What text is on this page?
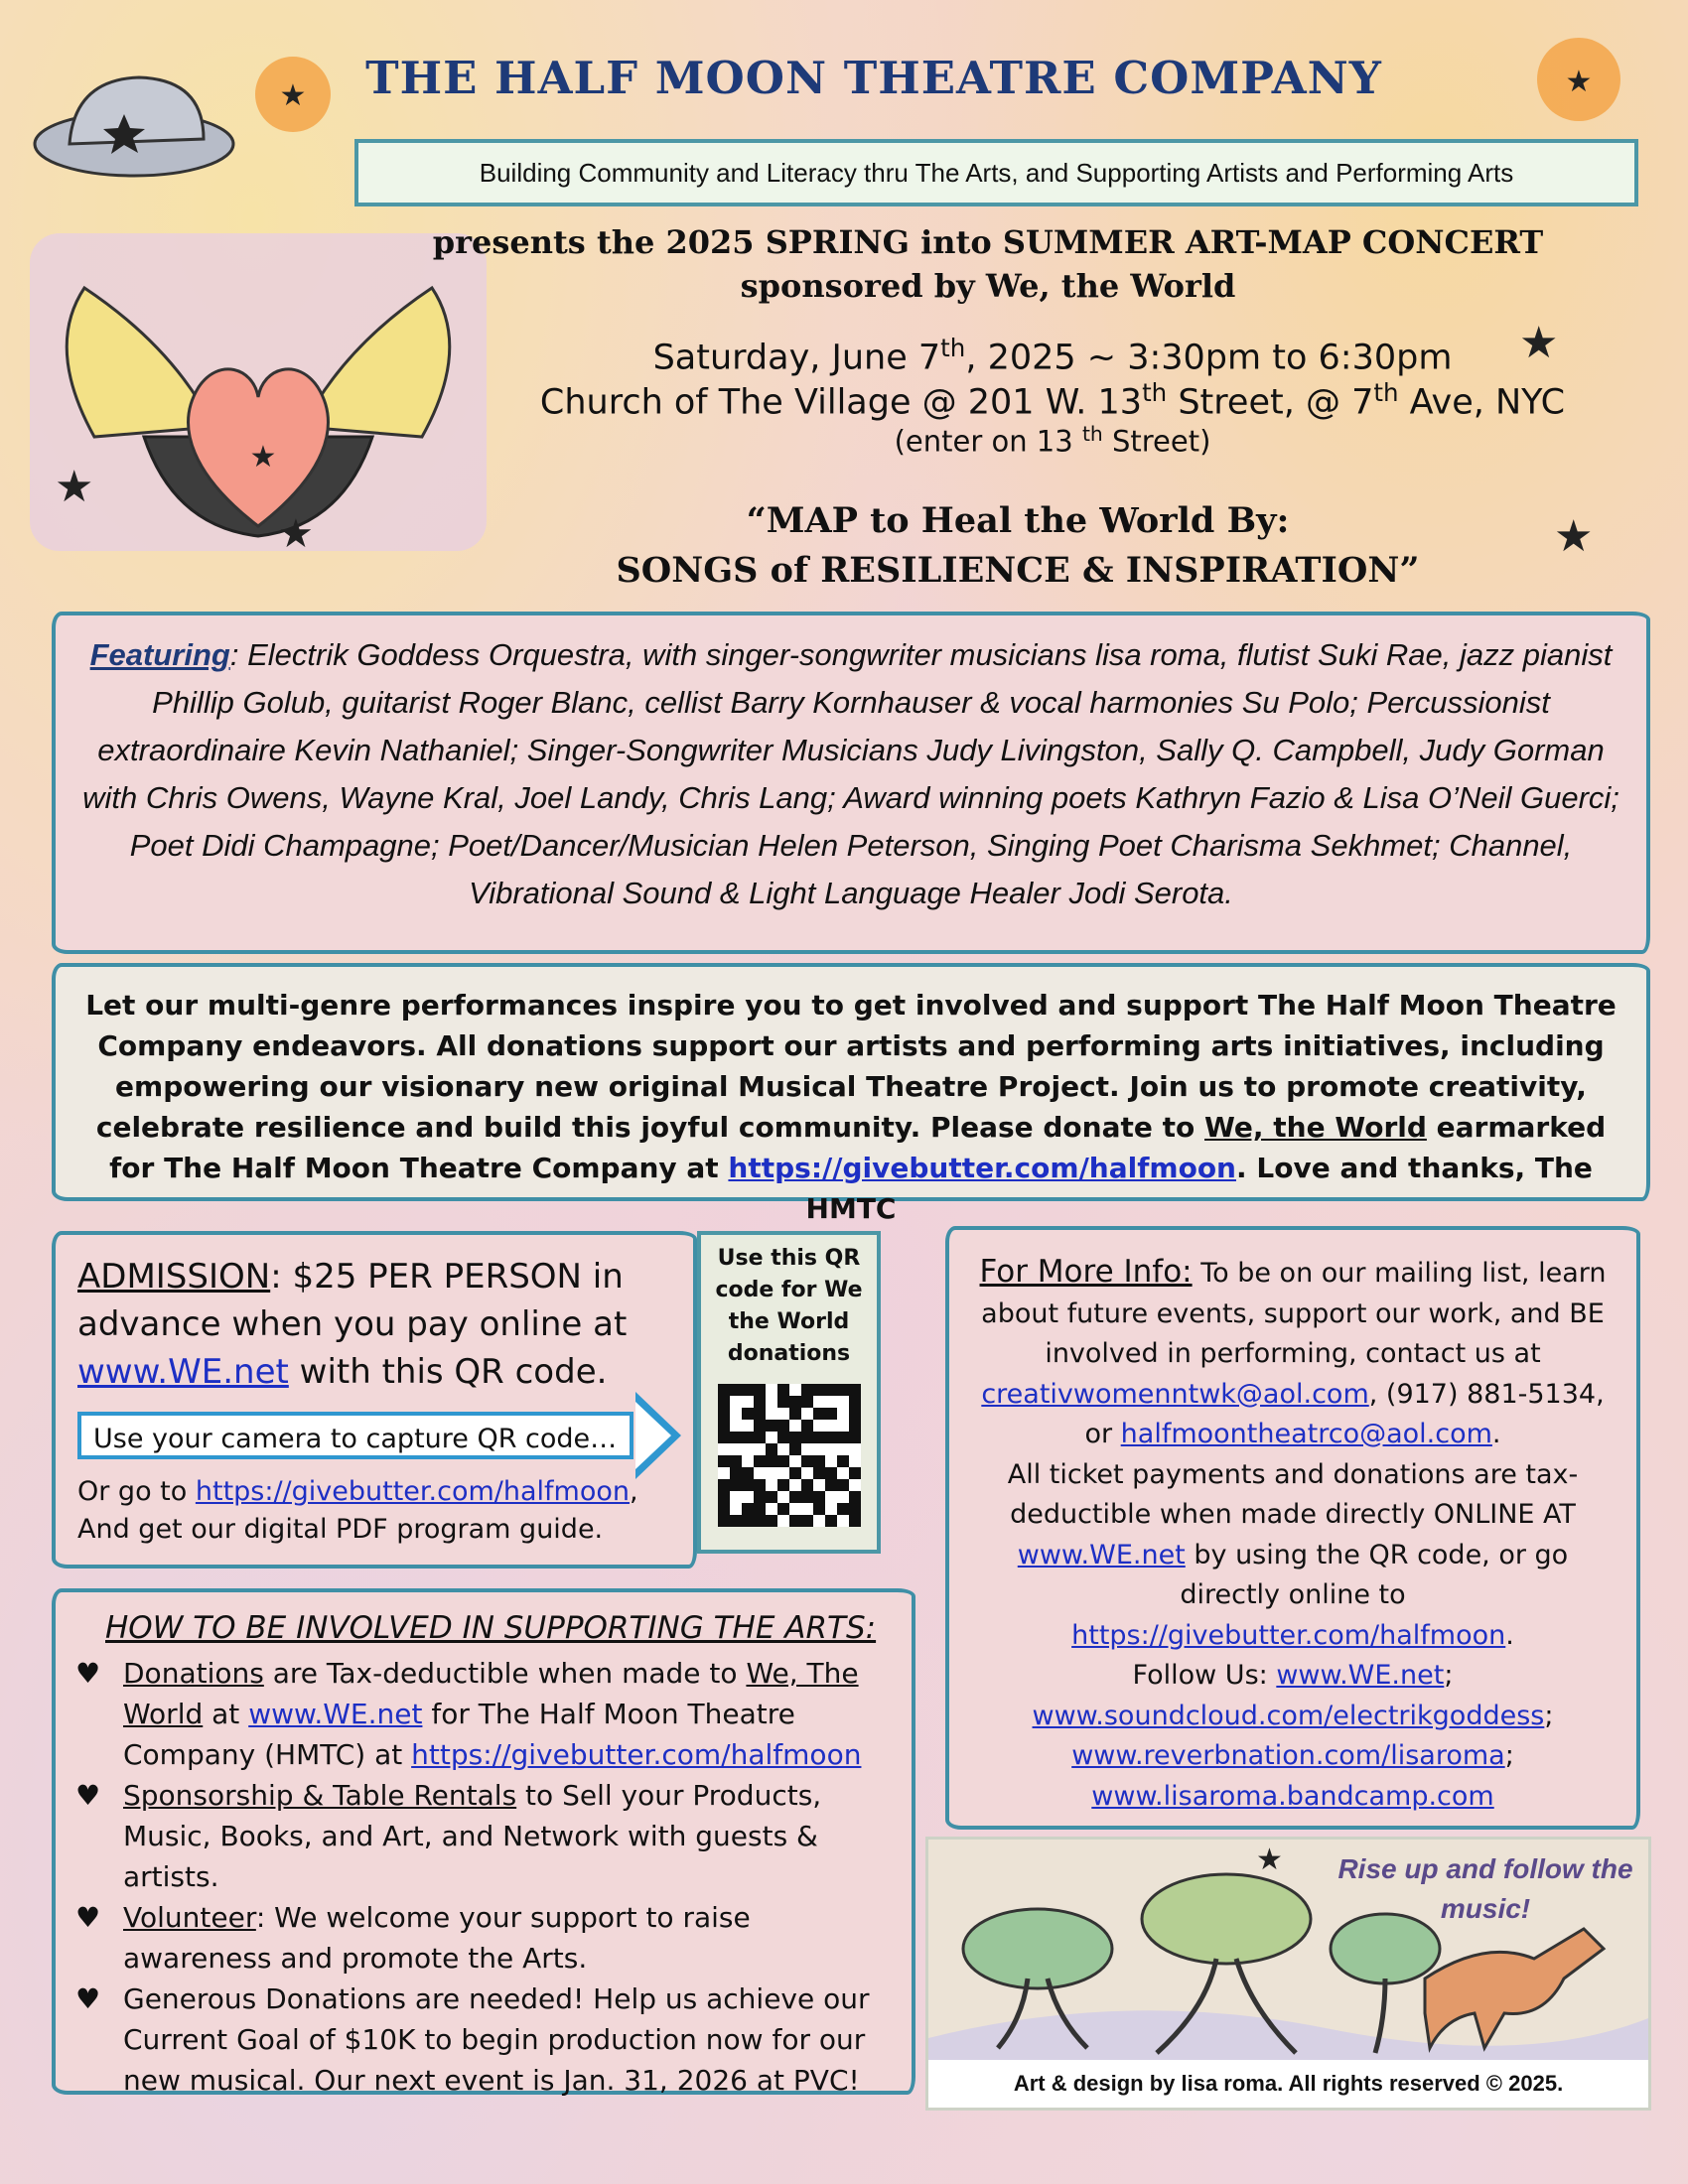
★	★
★
★
★
★
★
THE HALF MOON THEATRE COMPANY
Building Community and Literacy thru The Arts, and Supporting Artists and Performing Arts
presents the 2025 SPRING into SUMMER ART-MAP CONCERT
sponsored by We, the World
Saturday, June 7th, 2025 ~ 3:30pm to 6:30pm
Church of The Village @ 201 W. 13th Street, @ 7th Ave, NYC
(enter on 13 $^{th}$ Street)
“MAP to Heal the World By:
SONGS of RESILIENCE & INSPIRATION”
Featuring: Electrik Goddess Orquestra, with singer-songwriter musicians lisa roma, flutist Suki Rae, jazz pianist Phillip Golub, guitarist Roger Blanc, cellist Barry Kornhauser & vocal harmonies Su Polo; Percussionist extraordinaire Kevin Nathaniel; Singer-Songwriter Musicians Judy Livingston, Sally Q. Campbell, Judy Gorman with Chris Owens, Wayne Kral, Joel Landy, Chris Lang; Award winning poets Kathryn Fazio & Lisa O’Neil Guerci; Poet Didi Champagne; Poet/Dancer/Musician Helen Peterson, Singing Poet Charisma Sekhmet; Channel, Vibrational Sound & Light Language Healer Jodi Serota.
Let our multi-genre performances inspire you to get involved and support The Half Moon Theatre Company endeavors. All donations support our artists and performing arts initiatives, including empowering our visionary new original Musical Theatre Project. Join us to promote creativity, celebrate resilience and build this joyful community. Please donate to We, the World earmarked for The Half Moon Theatre Company at https://givebutter.com/halfmoon. Love and thanks, The HMTC
ADMISSION: $25 PER PERSON in advance when you pay online at www.WE.net with this QR code.
Use your camera to capture QR code…
Or go to https://givebutter.com/halfmoon,
And get our digital PDF program guide.
Use this QR code for We the World donations
For More Info: To be on our mailing list, learn about future events, support our work, and BE involved in performing, contact us at creativwomenntwk@aol.com, (917) 881-5134, or halfmoontheatrco@aol.com.
All ticket payments and donations are tax-deductible when made directly ONLINE AT www.WE.net by using the QR code, or go directly online to https://givebutter.com/halfmoon.
Follow Us: www.WE.net;
www.soundcloud.com/electrikgoddess;
www.reverbnation.com/lisaroma;
www.lisaroma.bandcamp.com
HOW TO BE INVOLVED IN SUPPORTING THE ARTS:
♥ Donations are Tax-deductible when made to We, The World at www.WE.net for The Half Moon Theatre Company (HMTC) at https://givebutter.com/halfmoon
♥ Sponsorship & Table Rentals to Sell your Products, Music, Books, and Art, and Network with guests & artists.
♥ Volunteer: We welcome your support to raise awareness and promote the Arts.
♥ Generous Donations are needed! Help us achieve our Current Goal of $10K to begin production now for our new musical. Our next event is Jan. 31, 2026 at PVC!
★ Rise up and follow the music!
Art & design by lisa roma. All rights reserved © 2025.
